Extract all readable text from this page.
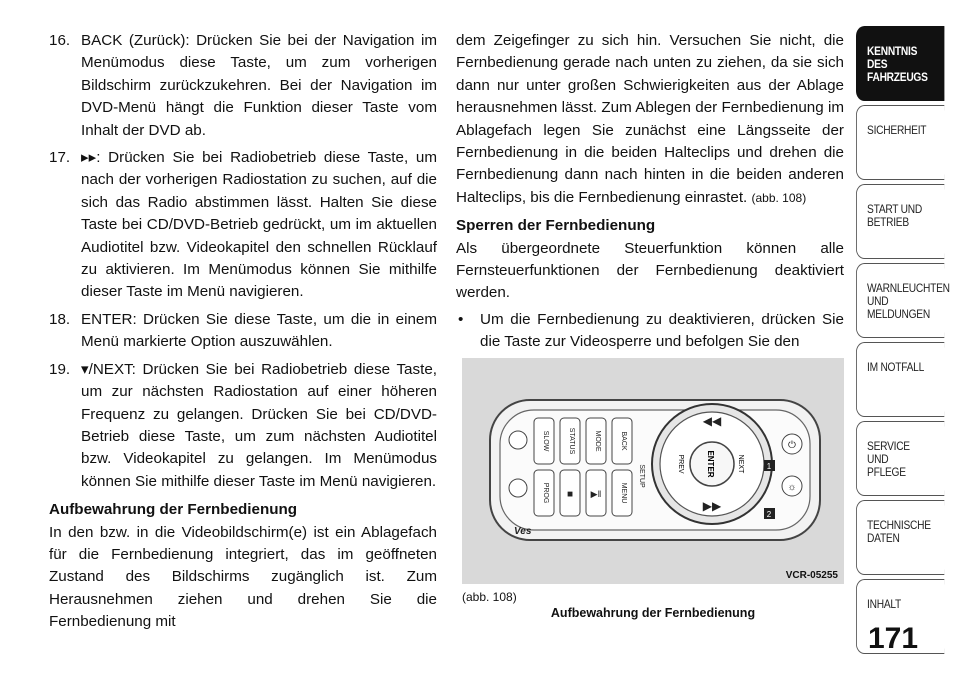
16. BACK (Zurück): Drücken Sie bei der Navigation im Menümodus diese Taste, um zum vorherigen Bildschirm zurückzukehren. Bei der Navigation im DVD-Menü hängt die Funktion dieser Taste vom Inhalt der DVD ab.
17. ▸▸: Drücken Sie bei Radiobetrieb diese Taste, um nach der vorherigen Radiostation zu suchen, auf die sich das Radio abstimmen lässt. Halten Sie diese Taste bei CD/DVD-Betrieb gedrückt, um im aktuellen Audiotitel bzw. Videokapitel den schnellen Rücklauf zu aktivieren. Im Menümodus können Sie mithilfe dieser Taste im Menü navigieren.
18. ENTER: Drücken Sie diese Taste, um die in einem Menü markierte Option auszuwählen.
19. ▾/NEXT: Drücken Sie bei Radiobetrieb diese Taste, um zur nächsten Radiostation auf einer höheren Frequenz zu gelangen. Drücken Sie bei CD/DVD-Betrieb diese Taste, um zum nächsten Audiotitel bzw. Videokapitel zu gelangen. Im Menümodus können Sie mithilfe dieser Taste im Menü navigieren.
Aufbewahrung der Fernbedienung

In den bzw. in die Videobildschirm(e) ist ein Ablagefach für die Fernbedienung integriert, das im geöffneten Zustand des Bildschirms zugänglich ist. Zum Herausnehmen ziehen und drehen Sie die Fernbedienung mit

dem Zeigefinger zu sich hin. Versuchen Sie nicht, die Fernbedienung gerade nach unten zu ziehen, da sie sich dann nur unter großen Schwierigkeiten aus der Ablage herausnehmen lässt. Zum Ablegen der Fernbedienung im Ablagefach legen Sie zunächst eine Längsseite der Fernbedienung in die beiden Halteclips und drehen die Fernbedienung dann nach hinten in die beiden anderen Halteclips, bis die Fernbedienung einrastet. (abb. 108)

Sperren der Fernbedienung

Als übergeordnete Steuerfunktion können alle Fernsteuerfunktionen der Fernbedienung deaktiviert werden.

•	Um die Fernbedienung zu deaktivieren, drücken Sie die Taste zur Videosperre und befolgen Sie den
ENTER
PREV	NEXT
◀◀
▶▶
SLOW	STATUS	MODE	BACK
PROG ■ ▶‖	MENU
SETUP
Ves
⏻
☼
1
2
VCR-05255
(abb. 108)
Aufbewahrung der Fernbedienung
KENNTNIS
DES
FAHRZEUGS
SICHERHEIT
START UND
BETRIEB
WARNLEUCHTEN
UND
MELDUNGEN
IM NOTFALL
SERVICE
UND
PFLEGE
TECHNISCHE
DATEN
INHALT
171
